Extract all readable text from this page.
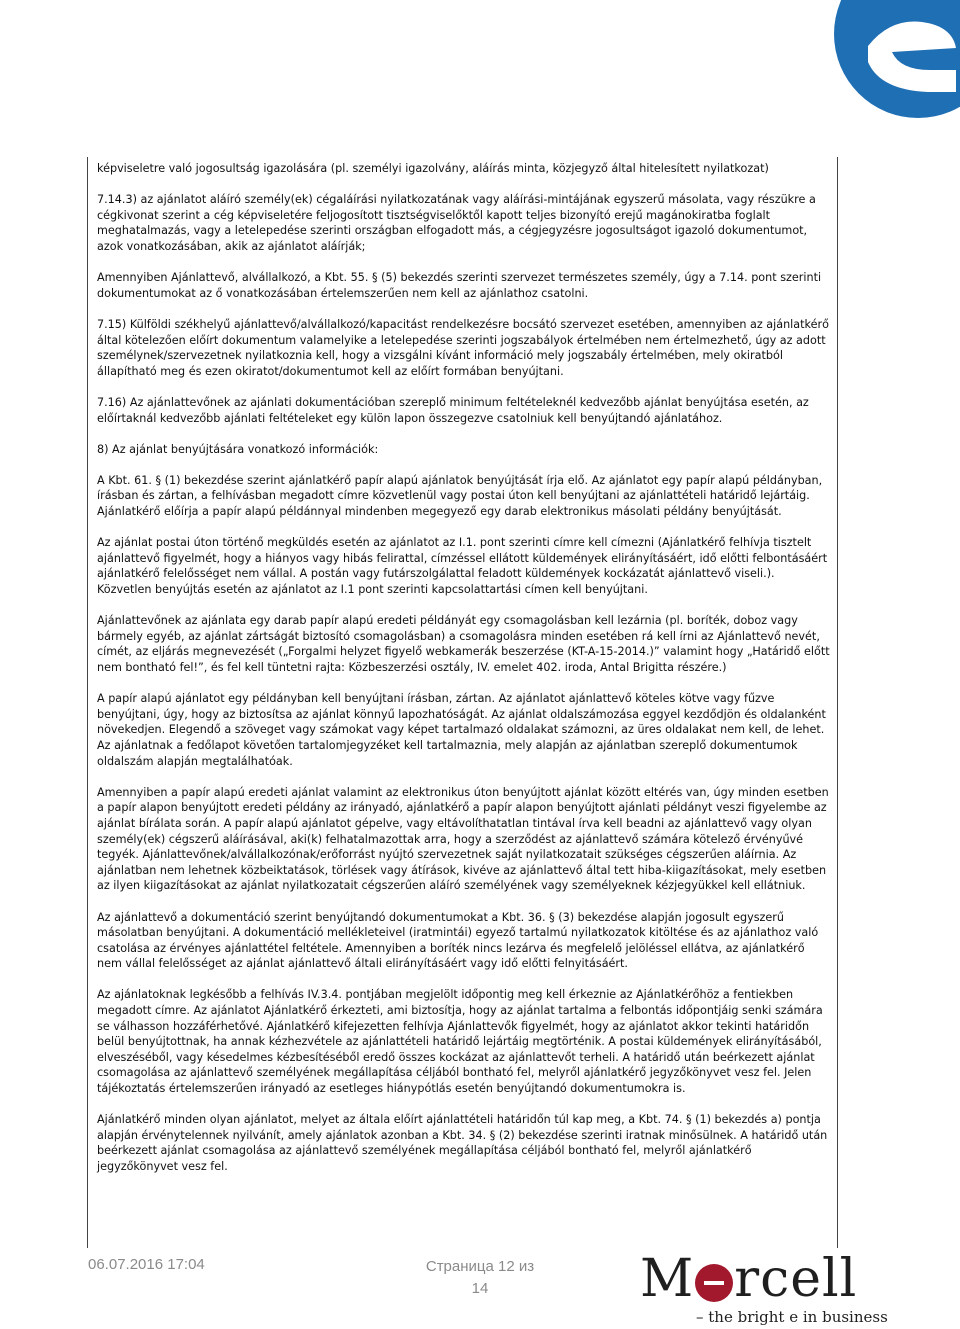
képviseletre való jogosultság igazolására (pl. személyi igazolvány, aláírás minta, közjegyző által hitelesített nyilatkozat)

7.14.3) az ajánlatot aláíró személy(ek) cégaláírási nyilatkozatának vagy aláírási-mintájának egyszerű másolata, vagy részükre a cégkivonat szerint a cég képviseletére feljogosított tisztségviselőktől kapott teljes bizonyító erejű magánokiratba foglalt meghatalmazás, vagy a letelepedése szerinti országban elfogadott más, a cégjegyzésre jogosultságot igazoló dokumentumot, azok vonatkozásában, akik az ajánlatot aláírják;

Amennyiben Ajánlattevő, alvállalkozó, a Kbt. 55. § (5) bekezdés szerinti szervezet természetes személy, úgy a 7.14. pont szerinti dokumentumokat az ő vonatkozásában értelemszerűen nem kell az ajánlathoz csatolni.

7.15) Külföldi székhelyű ajánlattevő/alvállalkozó/kapacitást rendelkezésre bocsátó szervezet esetében, amennyiben az ajánlatkérő által kötelezően előírt dokumentum valamelyike a letelepedése szerinti jogszabályok értelmében nem értelmezhető, úgy az adott személynek/szervezetnek nyilatkoznia kell, hogy a vizsgálni kívánt információ mely jogszabály értelmében, mely okiratból állapítható meg és ezen okiratot/dokumentumot kell az előírt formában benyújtani.

7.16) Az ajánlattevőnek az ajánlati dokumentációban szereplő minimum feltételeknél kedvezőbb ajánlat benyújtása esetén, az előírtaknál kedvezőbb ajánlati feltételeket egy külön lapon összegezve csatolniuk kell benyújtandó ajánlatához.

8) Az ajánlat benyújtására vonatkozó információk:

A Kbt. 61. § (1) bekezdése szerint ajánlatkérő papír alapú ajánlatok benyújtását írja elő. Az ajánlatot egy papír alapú példányban, írásban és zártan, a felhívásban megadott címre közvetlenül vagy postai úton kell benyújtani az ajánlattételi határidő lejártáig. Ajánlatkérő előírja a papír alapú példánnyal mindenben megegyező egy darab elektronikus másolati példány benyújtását.

Az ajánlat postai úton történő megküldés esetén az ajánlatot az I.1. pont szerinti címre kell címezni (Ajánlatkérő felhívja tisztelt ajánlattevő figyelmét, hogy a hiányos vagy hibás felirattal, címzéssel ellátott küldemények elirányításáért, idő előtti felbontásáért ajánlatkérő felelősséget nem vállal. A postán vagy futárszolgálattal feladott küldemények kockázatát ajánlattevő viseli.). Közvetlen benyújtás esetén az ajánlatot az I.1 pont szerinti kapcsolattartási címen kell benyújtani.

Ajánlattevőnek az ajánlata egy darab papír alapú eredeti példányát egy csomagolásban kell lezárnia (pl. boríték, doboz vagy bármely egyéb, az ajánlat zártságát biztosító csomagolásban) a csomagolásra minden esetében rá kell írni az Ajánlattevő nevét, címét, az eljárás megnevezését („Forgalmi helyzet figyelő webkamerák beszerzése (KT-A-15-2014.)” valamint hogy „Határidő előtt nem bontható fel!”, és fel kell tüntetni rajta: Közbeszerzési osztály, IV. emelet 402. iroda, Antal Brigitta részére.)

A papír alapú ajánlatot egy példányban kell benyújtani írásban, zártan. Az ajánlatot ajánlattevő köteles kötve vagy fűzve benyújtani, úgy, hogy az biztosítsa az ajánlat könnyű lapozhatóságát. Az ajánlat oldalszámozása eggyel kezdődjön és oldalanként növekedjen. Elegendő a szöveget vagy számokat vagy képet tartalmazó oldalakat számozni, az üres oldalakat nem kell, de lehet. Az ajánlatnak a fedőlapot követően tartalomjegyzéket kell tartalmaznia, mely alapján az ajánlatban szereplő dokumentumok oldalszám alapján megtalálhatóak.

Amennyiben a papír alapú eredeti ajánlat valamint az elektronikus úton benyújtott ajánlat között eltérés van, úgy minden esetben a papír alapon benyújtott eredeti példány az irányadó, ajánlatkérő a papír alapon benyújtott ajánlati példányt veszi figyelembe az ajánlat bírálata során. A papír alapú ajánlatot gépelve, vagy eltávolíthatatlan tintával írva kell beadni az ajánlattevő vagy olyan személy(ek) cégszerű aláírásával, aki(k) felhatalmazottak arra, hogy a szerződést az ajánlattevő számára kötelező érvényűvé tegyék. Ajánlattevőnek/alvállalkozónak/erőforrást nyújtó szervezetnek saját nyilatkozatait szükséges cégszerűen aláírnia. Az ajánlatban nem lehetnek közbeiktatások, törlések vagy átírások, kivéve az ajánlattevő által tett hiba-kiigazításokat, mely esetben az ilyen kiigazításokat az ajánlat nyilatkozatait cégszerűen aláíró személyének vagy személyeknek kézjegyükkel kell ellátniuk.

Az ajánlattevő a dokumentáció szerint benyújtandó dokumentumokat a Kbt. 36. § (3) bekezdése alapján jogosult egyszerű másolatban benyújtani. A dokumentáció mellékleteivel (iratmintái) egyező tartalmú nyilatkozatok kitöltése és az ajánlathoz való csatolása az érvényes ajánlattétel feltétele. Amennyiben a boríték nincs lezárva és megfelelő jelöléssel ellátva, az ajánlatkérő nem vállal felelősséget az ajánlat ajánlattevő általi elirányításáért vagy idő előtti felnyitásáért.

Az ajánlatoknak legkésőbb a felhívás IV.3.4. pontjában megjelölt időpontig meg kell érkeznie az Ajánlatkérőhöz a fentiekben megadott címre. Az ajánlatot Ajánlatkérő érkezteti, ami biztosítja, hogy az ajánlat tartalma a felbontás időpontjáig senki számára se válhasson hozzáférhetővé. Ajánlatkérő kifejezetten felhívja Ajánlattevők figyelmét, hogy az ajánlatot akkor tekinti határidőn belül benyújtottnak, ha annak kézhezvétele az ajánlattételi határidő lejártáig megtörténik. A postai küldemények elirányításából, elveszéséből, vagy késedelmes kézbesítéséből eredő összes kockázat az ajánlattevőt terheli. A határidő után beérkezett ajánlat csomagolása az ajánlattevő személyének megállapítása céljából bontható fel, melyről ajánlatkérő jegyzőkönyvet vesz fel. Jelen tájékoztatás értelemszerűen irányadó az esetleges hiánypótlás esetén benyújtandó dokumentumokra is.

Ajánlatkérő minden olyan ajánlatot, melyet az általa előírt ajánlattételi határidőn túl kap meg, a Kbt. 74. § (1) bekezdés a) pontja alapján érvénytelennek nyilvánít, amely ajánlatok azonban a Kbt. 34. § (2) bekezdése szerinti iratnak minősülnek. A határidő után beérkezett ajánlat csomagolása az ajánlattevő személyének megállapítása céljából bontható fel, melyről ajánlatkérő jegyzőkönyvet vesz fel.

06.07.2016 17:04	Страница 12 из 14	M rcell
– the bright e in business
